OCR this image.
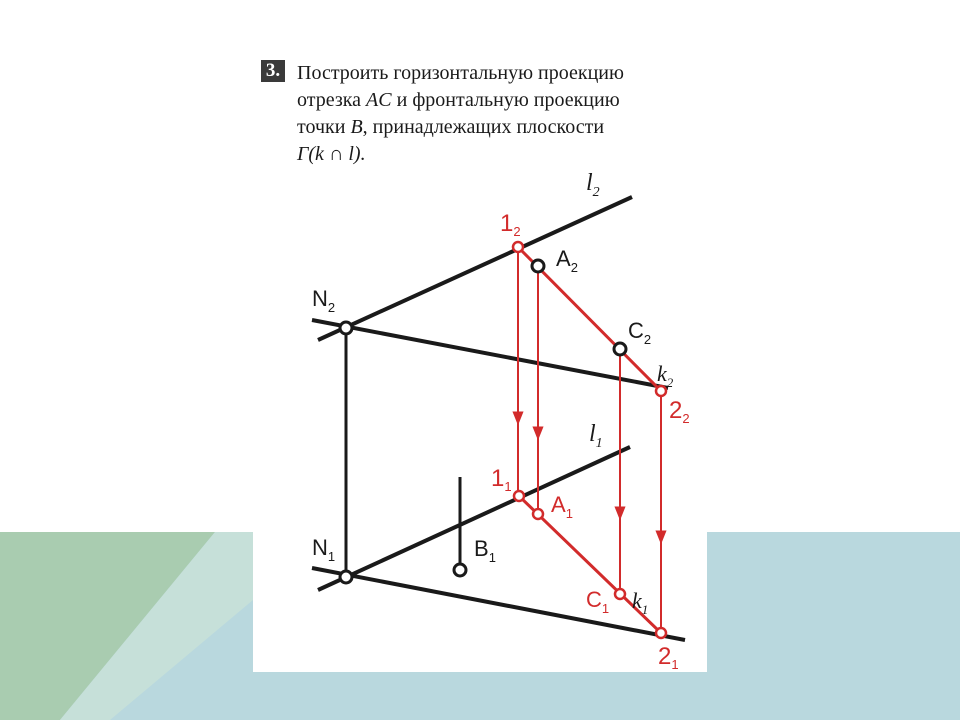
3. Построить горизонтальную проекцию
отрезка AC и фронтальную проекцию
точки B, принадлежащих плоскости
Γ(k ∩ l).
$l_2$
$N_2$
$A_2$
$C_2$
$k_2$
$l_1$
$N_1$	$B_1$
$k_1$
$1_2$
$2_2$
$1_1$
$A_1$
$C_1$
$2_1$
